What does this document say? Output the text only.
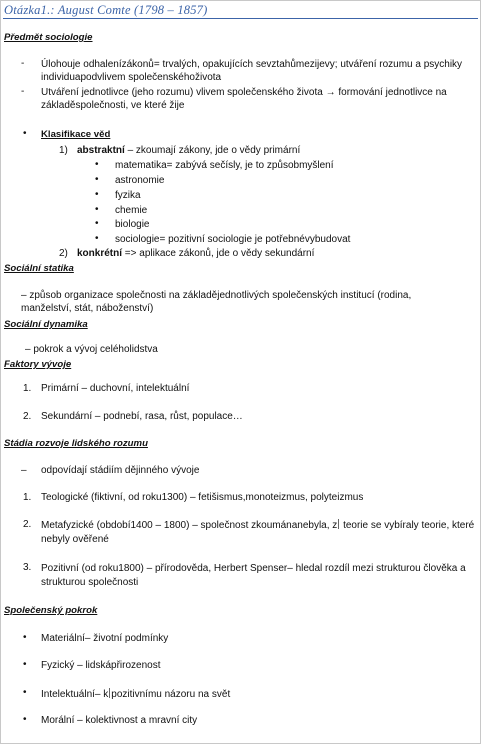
Otázka1.: August Comte (1798 – 1857)
Předmět sociologie
- Úlohouje odhalenízákonů= trvalých, opakujících sevztahůmezijevy; utváření rozumu a psychiky individuapodvlivem společenskéhoživota
- Utváření jednotlivce (jeho rozumu) vlivem společenského života → formování jednotlivce na základěspolečnosti, ve které žije
• Klasifikace věd
1) abstraktní – zkoumají zákony, jde o vědy primární
• matematika= zabývá sečísly, je to způsobmyšlení
• astronomie
• fyzika
• chemie
• biologie
• sociologie= pozitivní sociologie je potřebnévybudovat
2) konkrétní => aplikace zákonů, jde o vědy sekundární
Sociální statika
– způsob organizace společnosti na základějednotlivých společenských institucí (rodina, manželství, stát, náboženství)
Sociální dynamika
– pokrok a vývoj celéholidstva
Faktory vývoje
1. Primární – duchovní, intelektuální
2. Sekundární – podnebí, rasa, růst, populace…
Stádia rozvoje lidského rozumu
– odpovídají stádiím dějinného vývoje
1. Teologické (fiktivní, od roku1300) – fetišismus,monoteizmus, polyteizmus
2. Metafyzické (období1400 – 1800) – společnost zkoumánanebyla, z teorie se vybíraly teorie, které nebyly ověřené
3. Pozitivní (od roku1800) – přírodověda, Herbert Spenser– hledal rozdíl mezi strukturou člověka a strukturou společnosti
Společenský pokrok
• Materiální– životní podmínky
• Fyzický – lidskápřirozenost
• Intelektuální– k pozitivnímu názoru na svět
• Morální – kolektivnost a mravní city
